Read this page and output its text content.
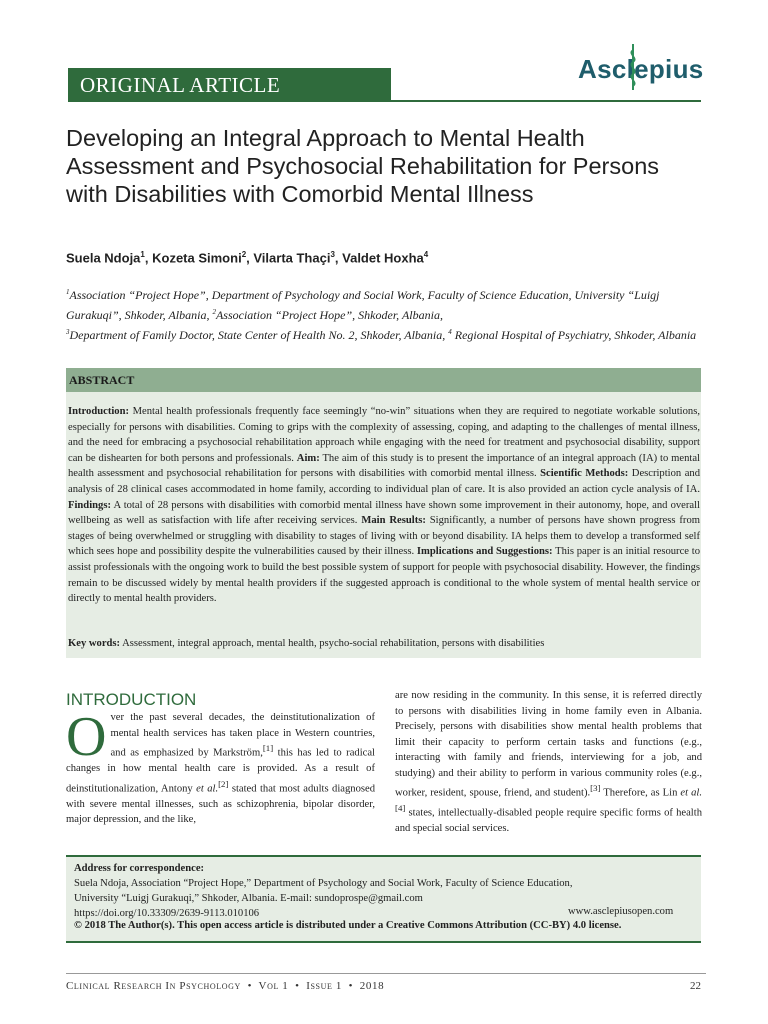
ORIGINAL ARTICLE
Asclepius
Developing an Integral Approach to Mental Health Assessment and Psychosocial Rehabilitation for Persons with Disabilities with Comorbid Mental Illness
Suela Ndoja$^1$, Kozeta Simoni$^2$, Vilarta Thaçi$^3$, Valdet Hoxha$^4$
$^1$Association “Project Hope”, Department of Psychology and Social Work, Faculty of Science Education, University “Luigj Gurakuqi”, Shkoder, Albania, $^2$Association “Project Hope”, Shkoder, Albania,
$^3$Department of Family Doctor, State Center of Health No. 2, Shkoder, Albania, $^4$ Regional Hospital of Psychiatry, Shkoder, Albania
ABSTRACT
Introduction: Mental health professionals frequently face seemingly “no-win” situations when they are required to negotiate workable solutions, especially for persons with disabilities. Coming to grips with the complexity of assessing, coping, and adapting to the challenges of mental illness, and the need for embracing a psychosocial rehabilitation approach while engaging with the need for treatment and psychosocial disability, support can be dishearten for both persons and professionals. Aim: The aim of this study is to present the importance of an integral approach (IA) to mental health assessment and psychosocial rehabilitation for persons with disabilities with comorbid mental illness. Scientific Methods: Description and analysis of 28 clinical cases accommodated in home family, according to individual plan of care. It is also provided an action cycle analysis of IA. Findings: A total of 28 persons with disabilities with comorbid mental illness have shown some improvement in their autonomy, hope, and overall wellbeing as well as satisfaction with life after receiving services. Main Results: Significantly, a number of persons have shown progress from stages of being overwhelmed or struggling with disability to stages of living with or beyond disability. IA helps them to develop a transformed self which sees hope and possibility despite the vulnerabilities caused by their illness. Implications and Suggestions: This paper is an initial resource to assist professionals with the ongoing work to build the best possible system of support for people with psychosocial disability. However, the findings remain to be discussed widely by mental health providers if the suggested approach is conditional to the whole system of mental health service or directly to mental health providers.
Key words: Assessment, integral approach, mental health, psycho-social rehabilitation, persons with disabilities
INTRODUCTION
Over the past several decades, the deinstitutionalization of mental health services has taken place in Western countries, and as emphasized by Markström,[1] this has led to radical changes in how mental health care is provided. As a result of deinstitutionalization, Antony et al.[2] stated that most adults diagnosed with severe mental illnesses, such as schizophrenia, bipolar disorder, major depression, and the like,
are now residing in the community. In this sense, it is referred directly to persons with disabilities living in home family even in Albania. Precisely, persons with disabilities show mental health problems that limit their capacity to perform certain tasks and functions (e.g., interacting with family and friends, interviewing for a job, and studying) and their ability to perform in various community roles (e.g., worker, resident, spouse, friend, and student).[3] Therefore, as Lin et al.[4] states, intellectually-disabled people require specific forms of health and special social services.
Address for correspondence:
Suela Ndoja, Association “Project Hope,” Department of Psychology and Social Work, Faculty of Science Education,
University “Luigj Gurakuqi,” Shkoder, Albania. E-mail: sundoprospe@gmail.com
https://doi.org/10.33309/2639-9113.010106	www.asclepiusopen.com
© 2018 The Author(s). This open access article is distributed under a Creative Commons Attribution (CC-BY) 4.0 license.
Clinical Research In Psychology • Vol 1 • Issue 1 • 2018	22
